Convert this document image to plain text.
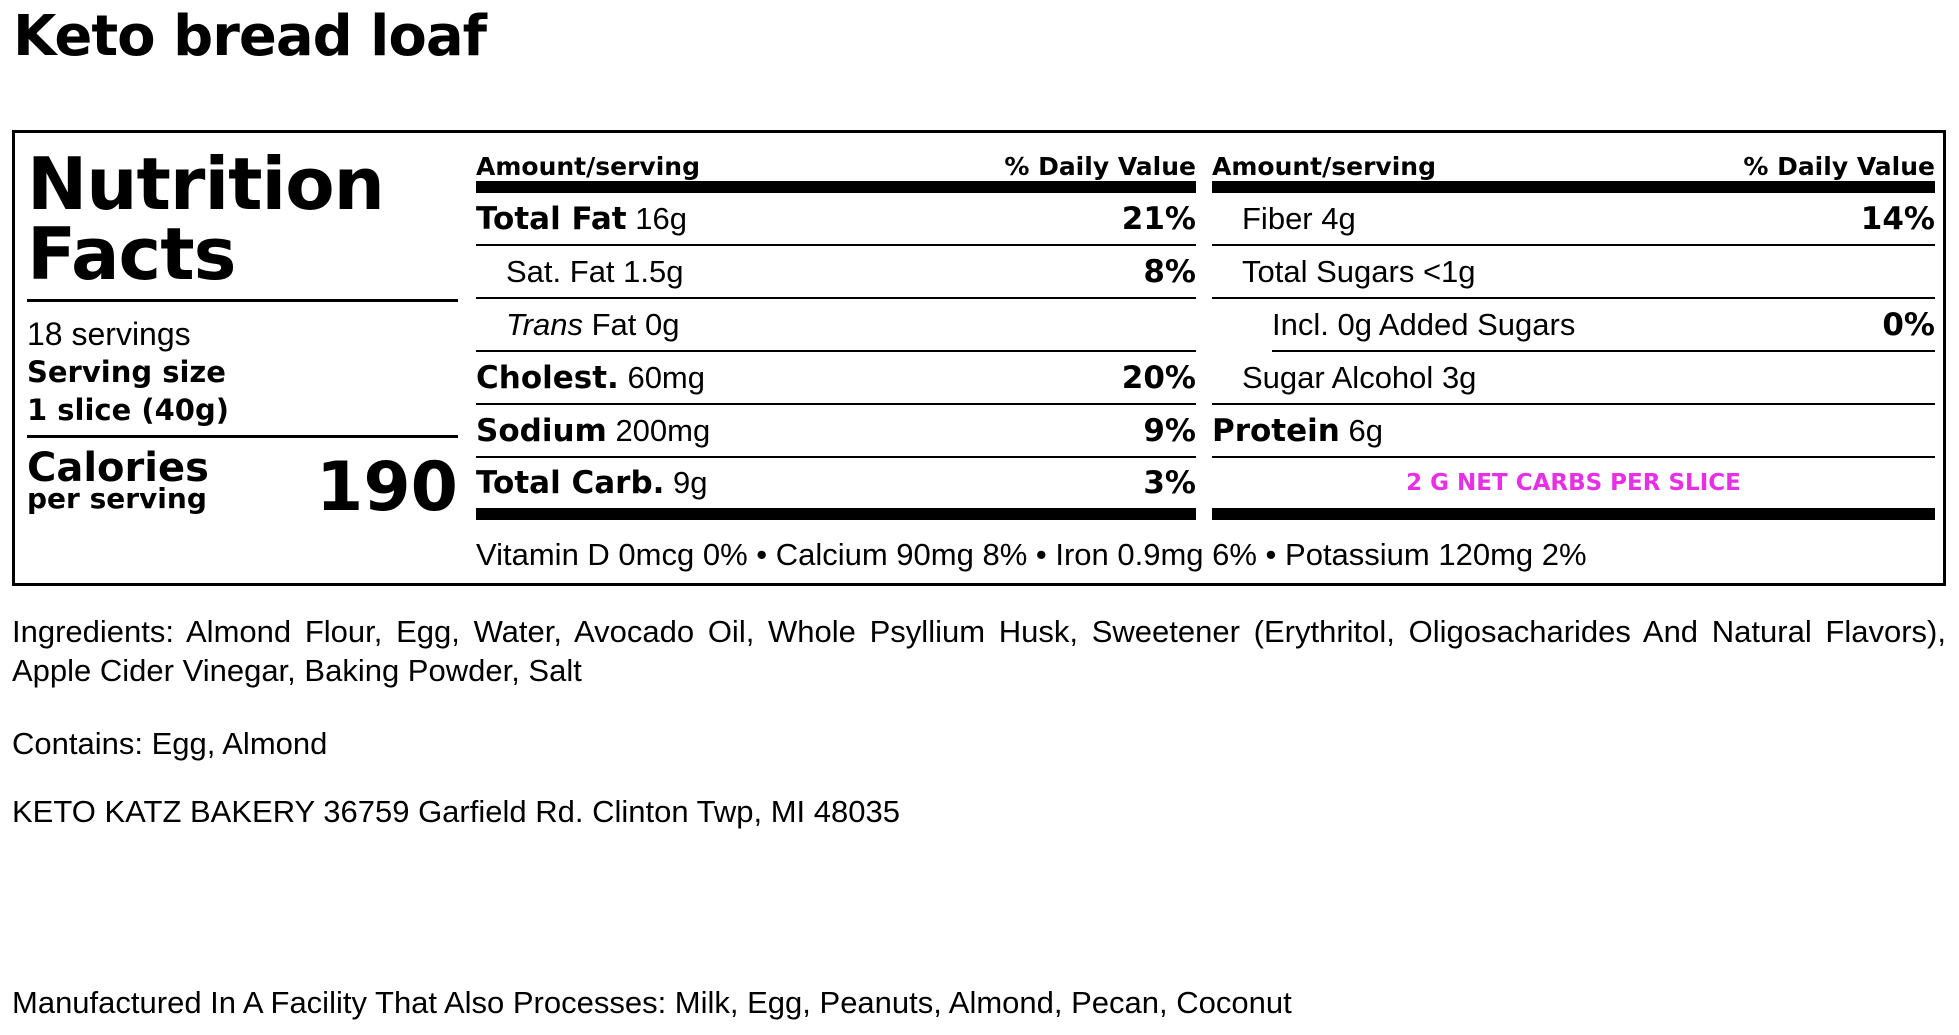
Keto bread loaf
Nutrition
Facts
18 servings
Serving size
1 slice (40g)
Calories
per serving 190
Amount/serving	% Daily Value
Total Fat 16g	21%
Sat. Fat 1.5g	8%
Trans Fat 0g
Cholest. 60mg	20%
Sodium 200mg	9%
Total Carb. 9g	3%
Amount/serving	% Daily Value
Fiber 4g	14%
Total Sugars <1g
Incl. 0g Added Sugars	0%
Sugar Alcohol 3g
Protein 6g
2 G NET CARBS PER SLICE
Vitamin D 0mcg 0% • Calcium 90mg 8% • Iron 0.9mg 6% • Potassium 120mg 2%
Ingredients: Almond Flour, Egg, Water, Avocado Oil, Whole Psyllium Husk, Sweetener (Erythritol, Oligosacharides And Natural Flavors), Apple Cider Vinegar, Baking Powder, Salt
Contains: Egg, Almond
KETO KATZ BAKERY 36759 Garfield Rd. Clinton Twp, MI 48035
Manufactured In A Facility That Also Processes: Milk, Egg, Peanuts, Almond, Pecan, Coconut
